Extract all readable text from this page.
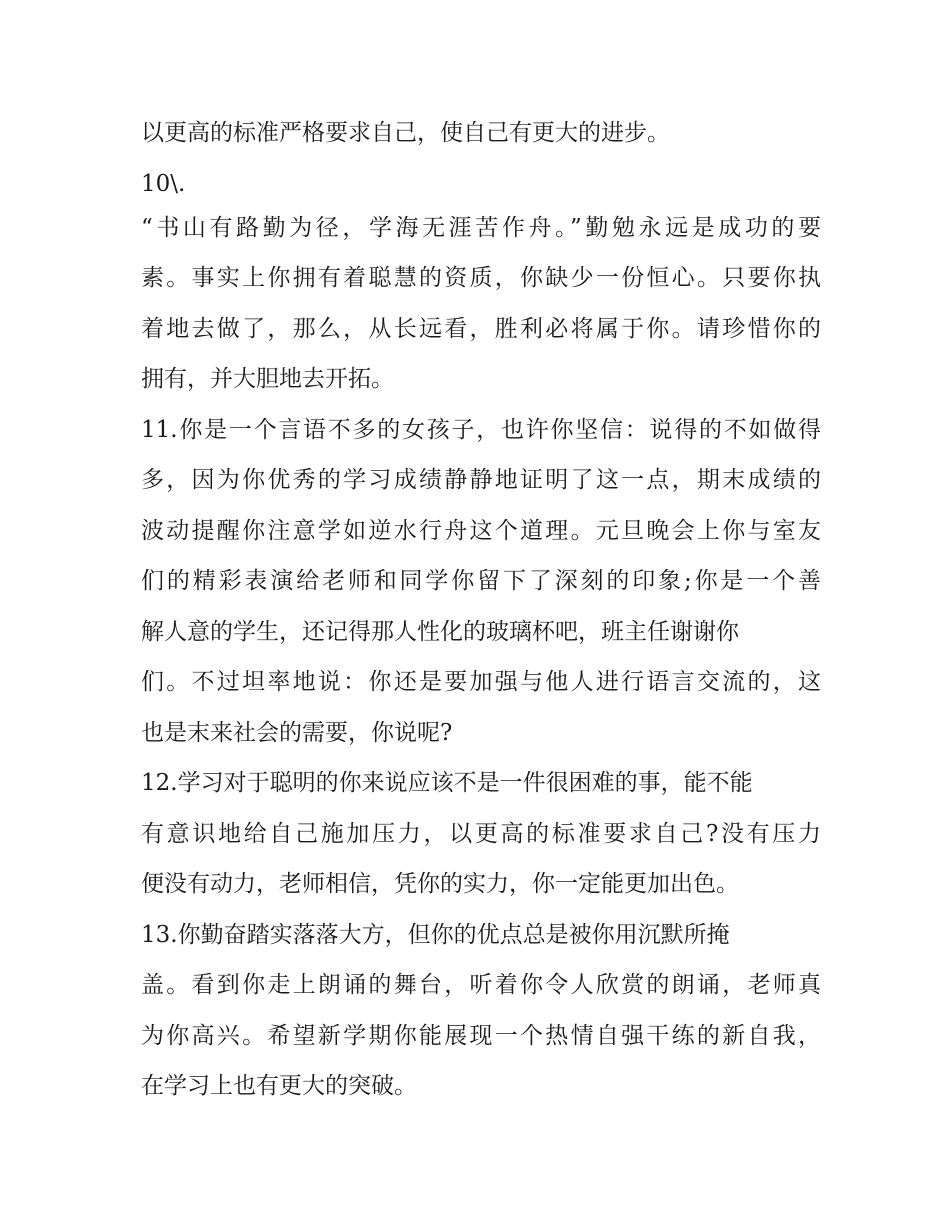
以更高的标准严格要求自己，使自己有更大的进步。
10\.
“书山有路勤为径，学海无涯苦作舟。”勤勉永远是成功的要
素。事实上你拥有着聪慧的资质，你缺少一份恒心。只要你执
着地去做了，那么，从长远看，胜利必将属于你。请珍惜你的
拥有，并大胆地去开拓。
11.你是一个言语不多的女孩子，也许你坚信：说得的不如做得
多，因为你优秀的学习成绩静静地证明了这一点，期末成绩的
波动提醒你注意学如逆水行舟这个道理。元旦晚会上你与室友
们的精彩表演给老师和同学你留下了深刻的印象;你是一个善
解人意的学生，还记得那人性化的玻璃杯吧，班主任谢谢你
们。不过坦率地说：你还是要加强与他人进行语言交流的，这
也是末来社会的需要，你说呢?
12.学习对于聪明的你来说应该不是一件很困难的事，能不能
有意识地给自己施加压力，以更高的标准要求自己?没有压力
便没有动力，老师相信，凭你的实力，你一定能更加出色。
13.你勤奋踏实落落大方，但你的优点总是被你用沉默所掩
盖。看到你走上朗诵的舞台，听着你令人欣赏的朗诵，老师真
为你高兴。希望新学期你能展现一个热情自强干练的新自我，
在学习上也有更大的突破。
